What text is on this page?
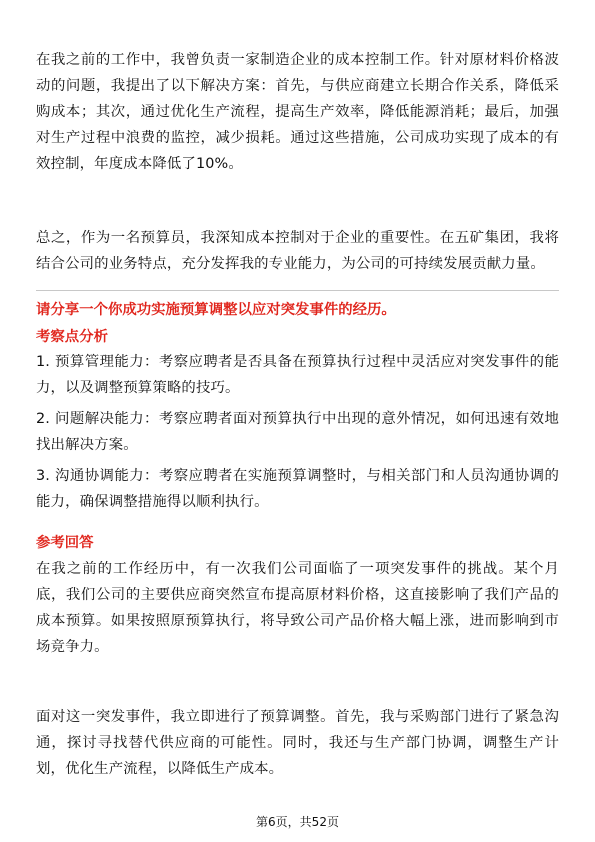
在我之前的工作中，我曾负责一家制造企业的成本控制工作。针对原材料价格波动的问题，我提出了以下解决方案：首先，与供应商建立长期合作关系，降低采购成本；其次，通过优化生产流程，提高生产效率，降低能源消耗；最后，加强对生产过程中浪费的监控，减少损耗。通过这些措施，公司成功实现了成本的有效控制，年度成本降低了10%。

总之，作为一名预算员，我深知成本控制对于企业的重要性。在五矿集团，我将结合公司的业务特点，充分发挥我的专业能力，为公司的可持续发展贡献力量。

请分享一个你成功实施预算调整以应对突发事件的经历。

考察点分析

1. 预算管理能力：考察应聘者是否具备在预算执行过程中灵活应对突发事件的能力，以及调整预算策略的技巧。

2. 问题解决能力：考察应聘者面对预算执行中出现的意外情况，如何迅速有效地找出解决方案。

3. 沟通协调能力：考察应聘者在实施预算调整时，与相关部门和人员沟通协调的能力，确保调整措施得以顺利执行。

参考回答

在我之前的工作经历中，有一次我们公司面临了一项突发事件的挑战。某个月底，我们公司的主要供应商突然宣布提高原材料价格，这直接影响了我们产品的成本预算。如果按照原预算执行，将导致公司产品价格大幅上涨，进而影响到市场竞争力。

面对这一突发事件，我立即进行了预算调整。首先，我与采购部门进行了紧急沟通，探讨寻找替代供应商的可能性。同时，我还与生产部门协调，调整生产计划，优化生产流程，以降低生产成本。

第6页，共52页
